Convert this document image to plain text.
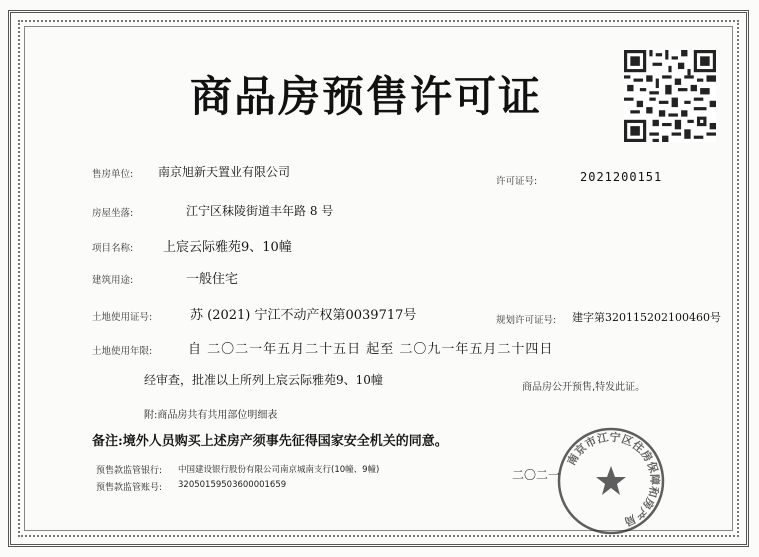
商品房预售许可证
售房单位: 南京旭新天置业有限公司
许可证号:	2021200151
房屋坐落:	江宁区秣陵街道丰年路 8 号
项目名称: 上宸云际雅苑9、10幢
建筑用途:	一般住宅
土地使用证号:	苏 (2021) 宁江不动产权第0039717号	规划许可证号: 建字第320115202100460号
土地使用年限:	自 二〇二一年五月二十五日 起至 二〇九一年五月二十四日
经审查，批准以上所列上宸云际雅苑9、10幢
商品房公开预售,特发此证。
附:商品房共有共用部位明细表
备注:境外人员购买上述房产须事先征得国家安全机关的同意。
预售款监管银行: 中国建设银行股份有限公司南京城南支行(10幢、9幢)
预售款监管账号: 32050159503600001659
二〇二一
南京市江宁区住房保障和房产局
